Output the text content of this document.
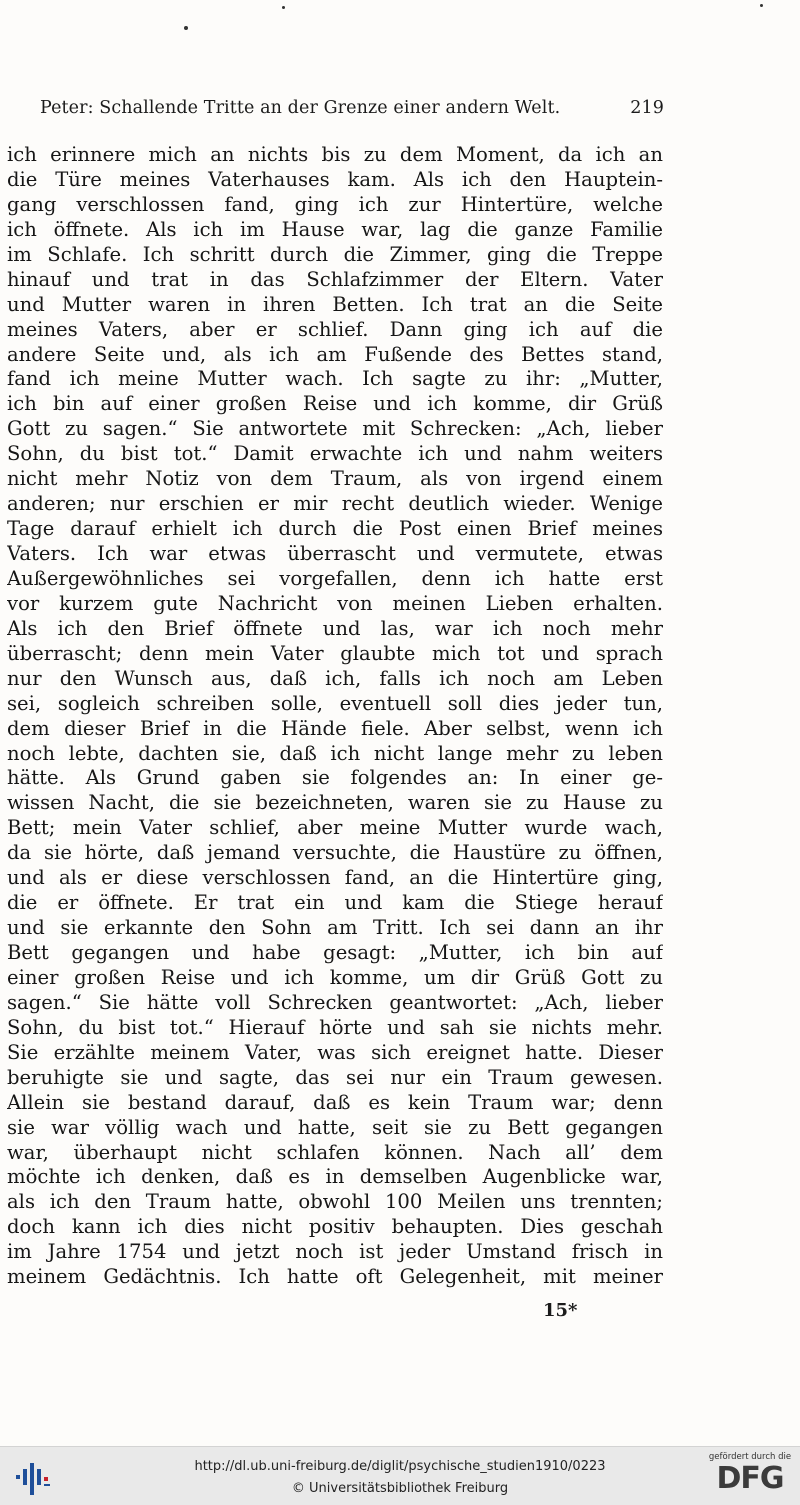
Peter: Schallende Tritte an der Grenze einer andern Welt.	219
ich erinnere mich an nichts bis zu dem Moment, da ich an
die Türe meines Vaterhauses kam. Als ich den Hauptein-
gang verschlossen fand, ging ich zur Hintertüre, welche
ich öffnete. Als ich im Hause war, lag die ganze Familie
im Schlafe. Ich schritt durch die Zimmer, ging die Treppe
hinauf und trat in das Schlafzimmer der Eltern. Vater
und Mutter waren in ihren Betten. Ich trat an die Seite
meines Vaters, aber er schlief. Dann ging ich auf die
andere Seite und, als ich am Fußende des Bettes stand,
fand ich meine Mutter wach. Ich sagte zu ihr: „Mutter,
ich bin auf einer großen Reise und ich komme, dir Grüß
Gott zu sagen.“ Sie antwortete mit Schrecken: „Ach, lieber
Sohn, du bist tot.“ Damit erwachte ich und nahm weiters
nicht mehr Notiz von dem Traum, als von irgend einem
anderen; nur erschien er mir recht deutlich wieder. Wenige
Tage darauf erhielt ich durch die Post einen Brief meines
Vaters. Ich war etwas überrascht und vermutete, etwas
Außergewöhnliches sei vorgefallen, denn ich hatte erst
vor kurzem gute Nachricht von meinen Lieben erhalten.
Als ich den Brief öffnete und las, war ich noch mehr
überrascht; denn mein Vater glaubte mich tot und sprach
nur den Wunsch aus, daß ich, falls ich noch am Leben
sei, sogleich schreiben solle, eventuell soll dies jeder tun,
dem dieser Brief in die Hände fiele. Aber selbst, wenn ich
noch lebte, dachten sie, daß ich nicht lange mehr zu leben
hätte. Als Grund gaben sie folgendes an: In einer ge-
wissen Nacht, die sie bezeichneten, waren sie zu Hause zu
Bett; mein Vater schlief, aber meine Mutter wurde wach,
da sie hörte, daß jemand versuchte, die Haustüre zu öffnen,
und als er diese verschlossen fand, an die Hintertüre ging,
die er öffnete. Er trat ein und kam die Stiege herauf
und sie erkannte den Sohn am Tritt. Ich sei dann an ihr
Bett gegangen und habe gesagt: „Mutter, ich bin auf
einer großen Reise und ich komme, um dir Grüß Gott zu
sagen.“ Sie hätte voll Schrecken geantwortet: „Ach, lieber
Sohn, du bist tot.“ Hierauf hörte und sah sie nichts mehr.
Sie erzählte meinem Vater, was sich ereignet hatte. Dieser
beruhigte sie und sagte, das sei nur ein Traum gewesen.
Allein sie bestand darauf, daß es kein Traum war; denn
sie war völlig wach und hatte, seit sie zu Bett gegangen
war, überhaupt nicht schlafen können. Nach all’ dem
möchte ich denken, daß es in demselben Augenblicke war,
als ich den Traum hatte, obwohl 100 Meilen uns trennten;
doch kann ich dies nicht positiv behaupten. Dies geschah
im Jahre 1754 und jetzt noch ist jeder Umstand frisch in
meinem Gedächtnis. Ich hatte oft Gelegenheit, mit meiner
15*
http://dl.ub.uni-freiburg.de/diglit/psychische_studien1910/0223
© Universitätsbibliothek Freiburg
gefördert durch die
DFG
